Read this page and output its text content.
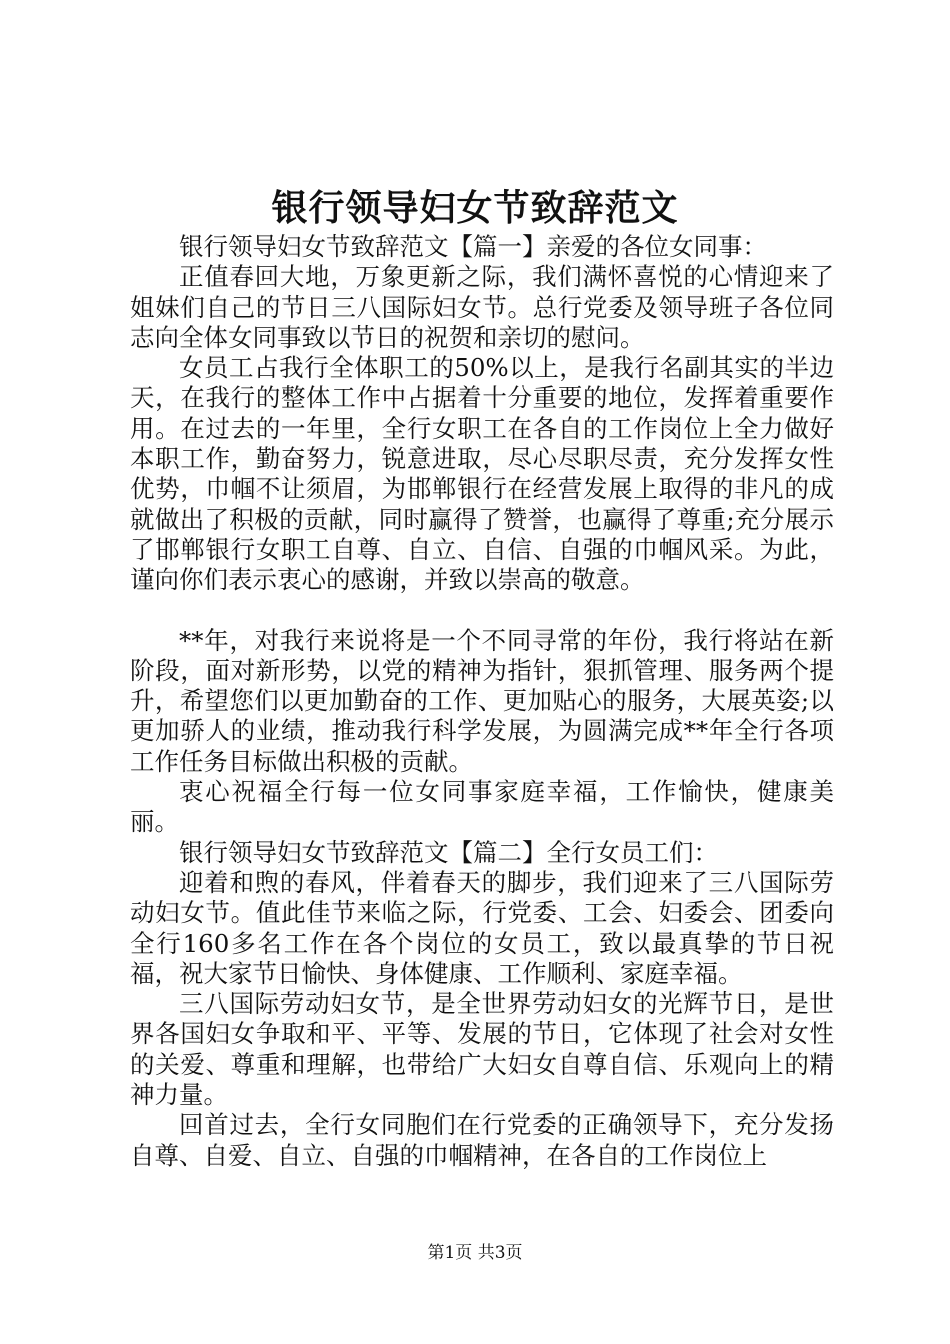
银行领导妇女节致辞范文

银行领导妇女节致辞范文【篇一】亲爱的各位女同事：

正值春回大地，万象更新之际，我们满怀喜悦的心情迎来了姐妹们自己的节日三八国际妇女节。总行党委及领导班子各位同志向全体女同事致以节日的祝贺和亲切的慰问。

女员工占我行全体职工的50%以上，是我行名副其实的半边天，在我行的整体工作中占据着十分重要的地位，发挥着重要作用。在过去的一年里，全行女职工在各自的工作岗位上全力做好本职工作，勤奋努力，锐意进取，尽心尽职尽责，充分发挥女性优势，巾帼不让须眉，为邯郸银行在经营发展上取得的非凡的成就做出了积极的贡献，同时赢得了赞誉，也赢得了尊重;充分展示了邯郸银行女职工自尊、自立、自信、自强的巾帼风采。为此，谨向你们表示衷心的感谢，并致以崇高的敬意。

**年，对我行来说将是一个不同寻常的年份，我行将站在新阶段，面对新形势，以党的精神为指针，狠抓管理、服务两个提升，希望您们以更加勤奋的工作、更加贴心的服务，大展英姿;以更加骄人的业绩，推动我行科学发展，为圆满完成**年全行各项工作任务目标做出积极的贡献。

衷心祝福全行每一位女同事家庭幸福，工作愉快，健康美丽。

银行领导妇女节致辞范文【篇二】全行女员工们：

迎着和煦的春风，伴着春天的脚步，我们迎来了三八国际劳动妇女节。值此佳节来临之际，行党委、工会、妇委会、团委向全行160多名工作在各个岗位的女员工，致以最真挚的节日祝福，祝大家节日愉快、身体健康、工作顺利、家庭幸福。

三八国际劳动妇女节，是全世界劳动妇女的光辉节日，是世界各国妇女争取和平、平等、发展的节日，它体现了社会对女性的关爱、尊重和理解，也带给广大妇女自尊自信、乐观向上的精神力量。

回首过去，全行女同胞们在行党委的正确领导下，充分发扬自尊、自爱、自立、自强的巾帼精神，在各自的工作岗位上

第1页 共3页
